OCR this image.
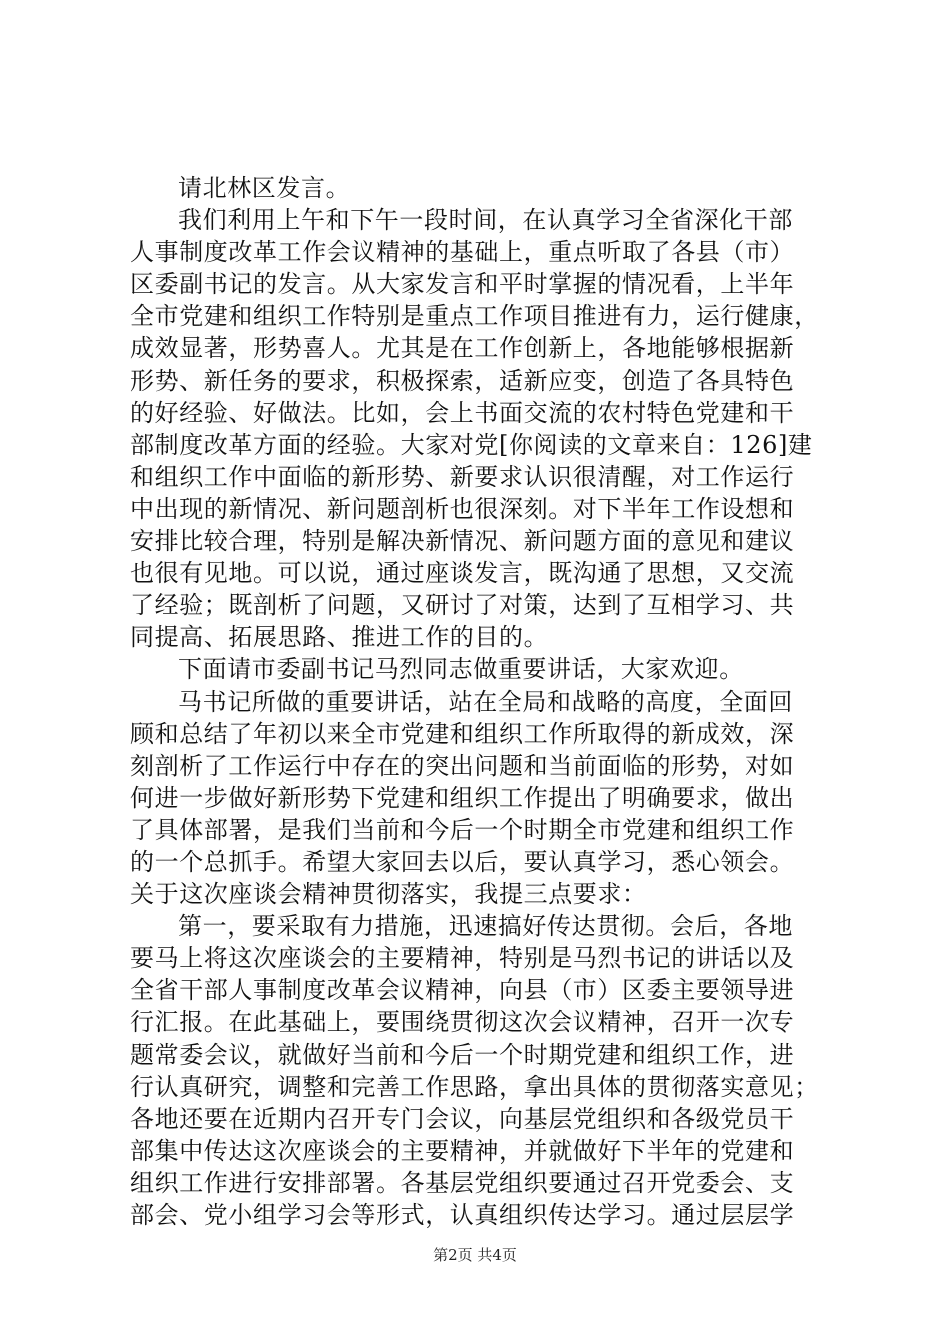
请北林区发言。
我们利用上午和下午一段时间，在认真学习全省深化干部
人事制度改革工作会议精神的基础上，重点听取了各县（市）
区委副书记的发言。从大家发言和平时掌握的情况看，上半年
全市党建和组织工作特别是重点工作项目推进有力，运行健康，
成效显著，形势喜人。尤其是在工作创新上，各地能够根据新
形势、新任务的要求，积极探索，适新应变，创造了各具特色
的好经验、好做法。比如，会上书面交流的农村特色党建和干
部制度改革方面的经验。大家对党[你阅读的文章来自：126]建
和组织工作中面临的新形势、新要求认识很清醒，对工作运行
中出现的新情况、新问题剖析也很深刻。对下半年工作设想和
安排比较合理，特别是解决新情况、新问题方面的意见和建议
也很有见地。可以说，通过座谈发言，既沟通了思想，又交流
了经验；既剖析了问题，又研讨了对策，达到了互相学习、共
同提高、拓展思路、推进工作的目的。
下面请市委副书记马烈同志做重要讲话，大家欢迎。
马书记所做的重要讲话，站在全局和战略的高度，全面回
顾和总结了年初以来全市党建和组织工作所取得的新成效，深
刻剖析了工作运行中存在的突出问题和当前面临的形势，对如
何进一步做好新形势下党建和组织工作提出了明确要求，做出
了具体部署，是我们当前和今后一个时期全市党建和组织工作
的一个总抓手。希望大家回去以后，要认真学习，悉心领会。
关于这次座谈会精神贯彻落实，我提三点要求：
第一，要采取有力措施，迅速搞好传达贯彻。会后，各地
要马上将这次座谈会的主要精神，特别是马烈书记的讲话以及
全省干部人事制度改革会议精神，向县（市）区委主要领导进
行汇报。在此基础上，要围绕贯彻这次会议精神，召开一次专
题常委会议，就做好当前和今后一个时期党建和组织工作，进
行认真研究，调整和完善工作思路，拿出具体的贯彻落实意见；
各地还要在近期内召开专门会议，向基层党组织和各级党员干
部集中传达这次座谈会的主要精神，并就做好下半年的党建和
组织工作进行安排部署。各基层党组织要通过召开党委会、支
部会、党小组学习会等形式，认真组织传达学习。通过层层学
第2页 共4页
